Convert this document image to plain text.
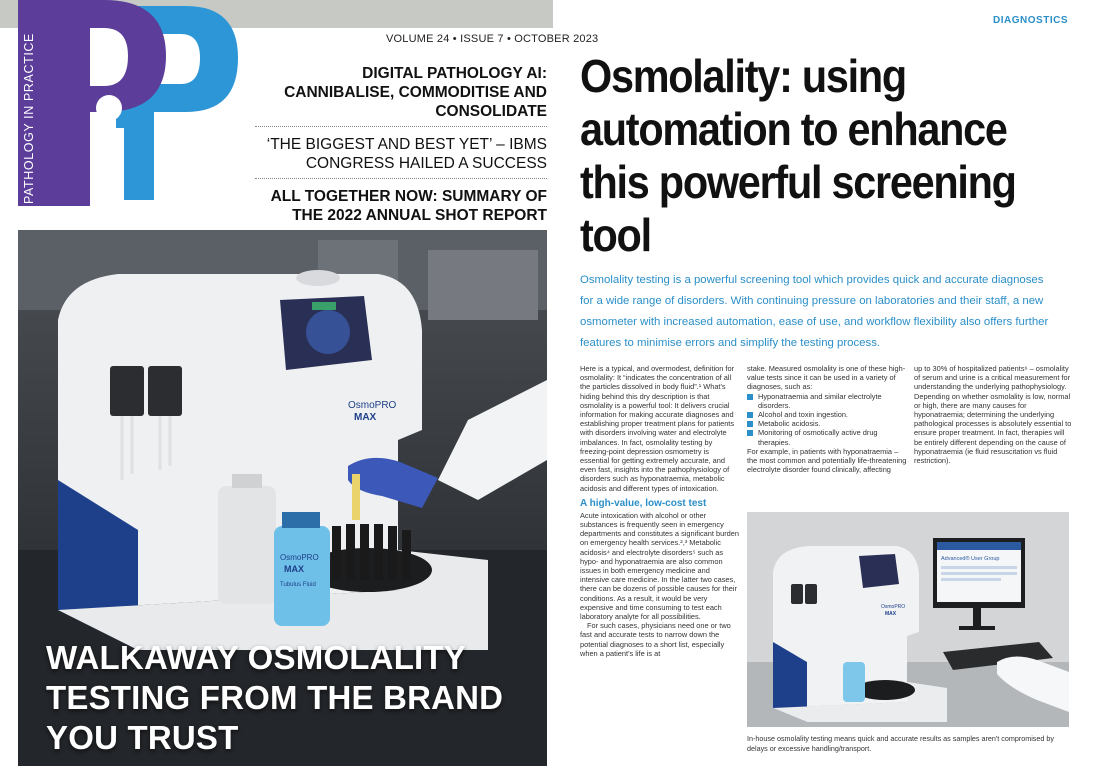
PATHOLOGY IN PRACTICE	VOLUME 24 • ISSUE 7 • OCTOBER 2023
DIGITAL PATHOLOGY AI: CANNIBALISE, COMMODITISE AND CONSOLIDATE
‘THE BIGGEST AND BEST YET’ – IBMS CONGRESS HAILED A SUCCESS
ALL TOGETHER NOW: SUMMARY OF THE 2022 ANNUAL SHOT REPORT
OsmoPRO
MAX
OsmoPRO
MAX
Tubulus Fluid
WALKAWAY OSMOLALITY TESTING FROM THE BRAND YOU TRUST
DIAGNOSTICS
Osmolality: using automation to enhance this powerful screening tool

Osmolality testing is a powerful screening tool which provides quick and accurate diagnoses for a wide range of disorders. With continuing pressure on laboratories and their staff, a new osmometer with increased automation, ease of use, and workflow flexibility also offers further features to minimise errors and simplify the testing process.

Here is a typical, and overmodest, definition for osmolality: It “indicates the concentration of all the particles dissolved in body fluid”.¹ What's hiding behind this dry description is that osmolality is a powerful tool: It delivers crucial information for making accurate diagnoses and establishing proper treatment plans for patients with disorders involving water and electrolyte imbalances. In fact, osmolality testing by freezing-point depression osmometry is essential for getting extremely accurate, and even fast, insights into the pathophysiology of disorders such as hyponatraemia, metabolic acidosis and different types of intoxication.

A high-value, low-cost test

Acute intoxication with alcohol or other substances is frequently seen in emergency departments and constitutes a significant burden on emergency health services.²,³ Metabolic acidosis⁴ and electrolyte disorders⁵ such as hypo- and hyponatraemia are also common issues in both emergency medicine and intensive care medicine. In the latter two cases, there can be dozens of possible causes for their conditions. As a result, it would be very expensive and time consuming to test each laboratory analyte for all possibilities.

For such cases, physicians need one or two fast and accurate tests to narrow down the potential diagnoses to a short list, especially when a patient's life is at

stake. Measured osmolality is one of these high-value tests since it can be used in a variety of diagnoses, such as:

Hyponatraemia and similar electrolyte disorders.
Alcohol and toxin ingestion.
Metabolic acidosis.
Monitoring of osmotically active drug therapies.

For example, in patients with hyponatraemia – the most common and potentially life-threatening electrolyte disorder found clinically, affecting

up to 30% of hospitalized patients⁶ – osmolality of serum and urine is a critical measurement for understanding the underlying pathophysiology. Depending on whether osmolality is low, normal or high, there are many causes for hyponatraemia; determining the underlying pathological processes is absolutely essential to ensure proper treatment. In fact, therapies will be entirely different depending on the cause of hyponatraemia (ie fluid resuscitation vs fluid restriction).

Advanced® User Group
OsmoPRO
MAX

In-house osmolality testing means quick and accurate results as samples aren't compromised by delays or excessive handling/transport.
